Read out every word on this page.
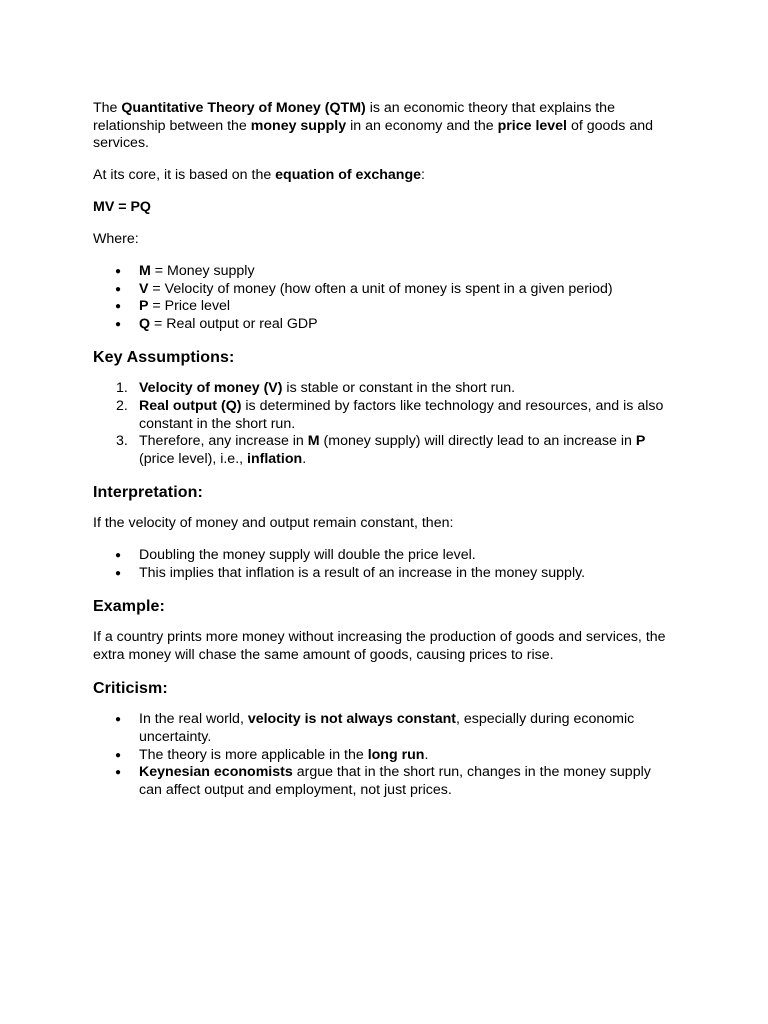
The Quantitative Theory of Money (QTM) is an economic theory that explains the relationship between the money supply in an economy and the price level of goods and services.

At its core, it is based on the equation of exchange:

MV = PQ

Where:

● M = Money supply
● V = Velocity of money (how often a unit of money is spent in a given period)
● P = Price level
● Q = Real output or real GDP
Key Assumptions:
1. Velocity of money (V) is stable or constant in the short run.
2. Real output (Q) is determined by factors like technology and resources, and is also constant in the short run.
3. Therefore, any increase in M (money supply) will directly lead to an increase in P (price level), i.e., inflation.
Interpretation:

If the velocity of money and output remain constant, then:

● Doubling the money supply will double the price level.
● This implies that inflation is a result of an increase in the money supply.
Example:

If a country prints more money without increasing the production of goods and services, the extra money will chase the same amount of goods, causing prices to rise.

Criticism:
● In the real world, velocity is not always constant, especially during economic uncertainty.
● The theory is more applicable in the long run.
● Keynesian economists argue that in the short run, changes in the money supply can affect output and employment, not just prices.
